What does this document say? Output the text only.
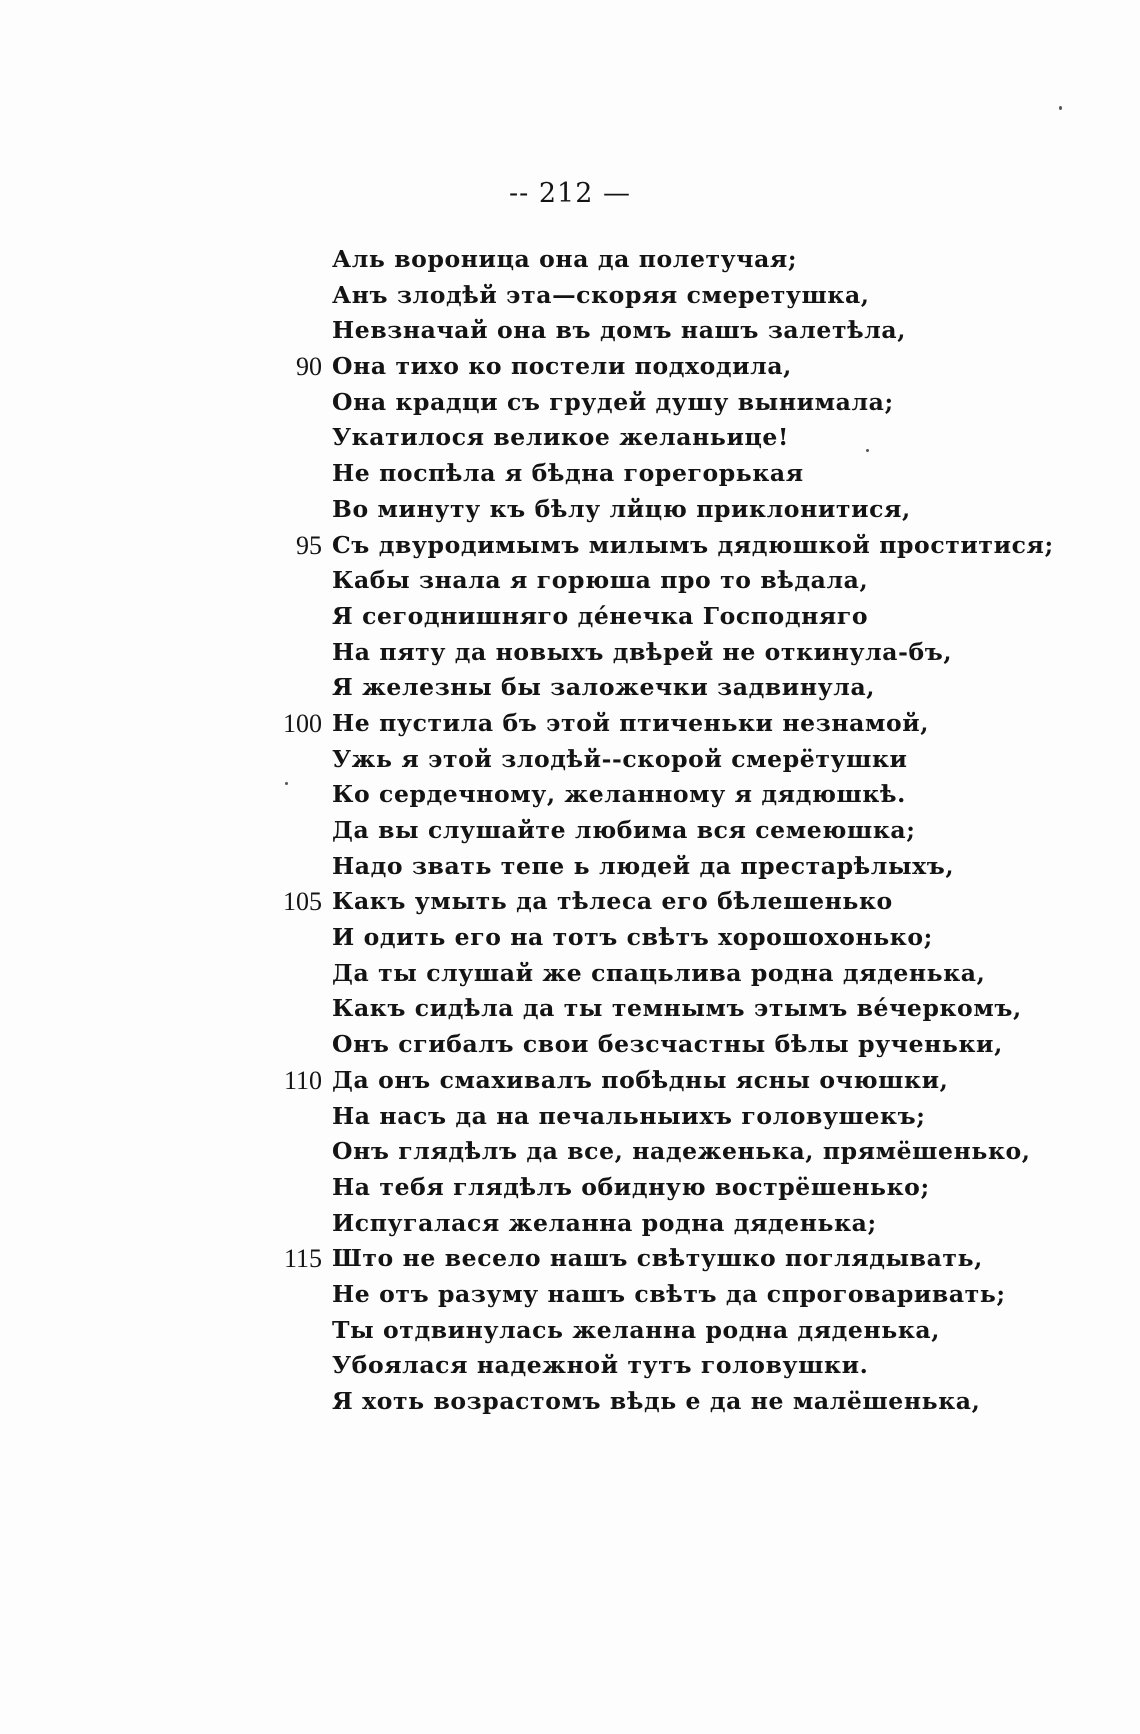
-- 212 —
Аль вороницa она да полетучая;
Анъ злодѣй эта—скоряя смеретушка,
Невзначай она въ домъ нашъ залетѣла,
90 Она тихо ко постели подходила,
Она крадци съ грудей душу вынимала;
Укатилося великое желаньице!
Не поспѣла я бѣдна горегорькая
Во минуту къ бѣлу лйцю приклонитися,
95 Съ двуродимымъ милымъ дядюшкой проститися;
Кабы знала я горюша про то вѣдала,
Я сегоднишняго дéнечка Господняго
На пяту да новыхъ двѣрей не откинула-бъ,
Я железны бы заложечки задвинула,
100 Не пустила бъ этой птиченьки незнамой,
Ужь я этой злодѣй--скорой смерётушки
Ко сердечному, желанному я дядюшкѣ.
Да вы слушайте любима вся семеюшка;
Надо звать тепе ь людей да престарѣлыхъ,
105 Какъ умыть да тѣлеса его бѣлешенько
И одить его на тотъ свѣтъ хорошохонько;
Да ты слушай же спацьлива родна дяденька,
Какъ сидѣла да ты темнымъ этымъ вéчеркомъ,
Онъ сгибалъ свои безсчастны бѣлы рученьки,
110 Да онъ смахивалъ побѣдны ясны очюшки,
На насъ да на печальныихъ головушекъ;
Онъ глядѣлъ да все, надеженька, прямёшенько,
На тебя глядѣлъ обидную вострёшенько;
Испугалася желанна родна дяденька;
115 Што не весело нашъ свѣтушко поглядывать,
Не отъ разуму нашъ свѣтъ да спроговаривать;
Ты отдвинулась желанна родна дяденька,
Убоялася надежной тутъ головушки.
Я хоть возрастомъ вѣдь е да не малёшенька,
